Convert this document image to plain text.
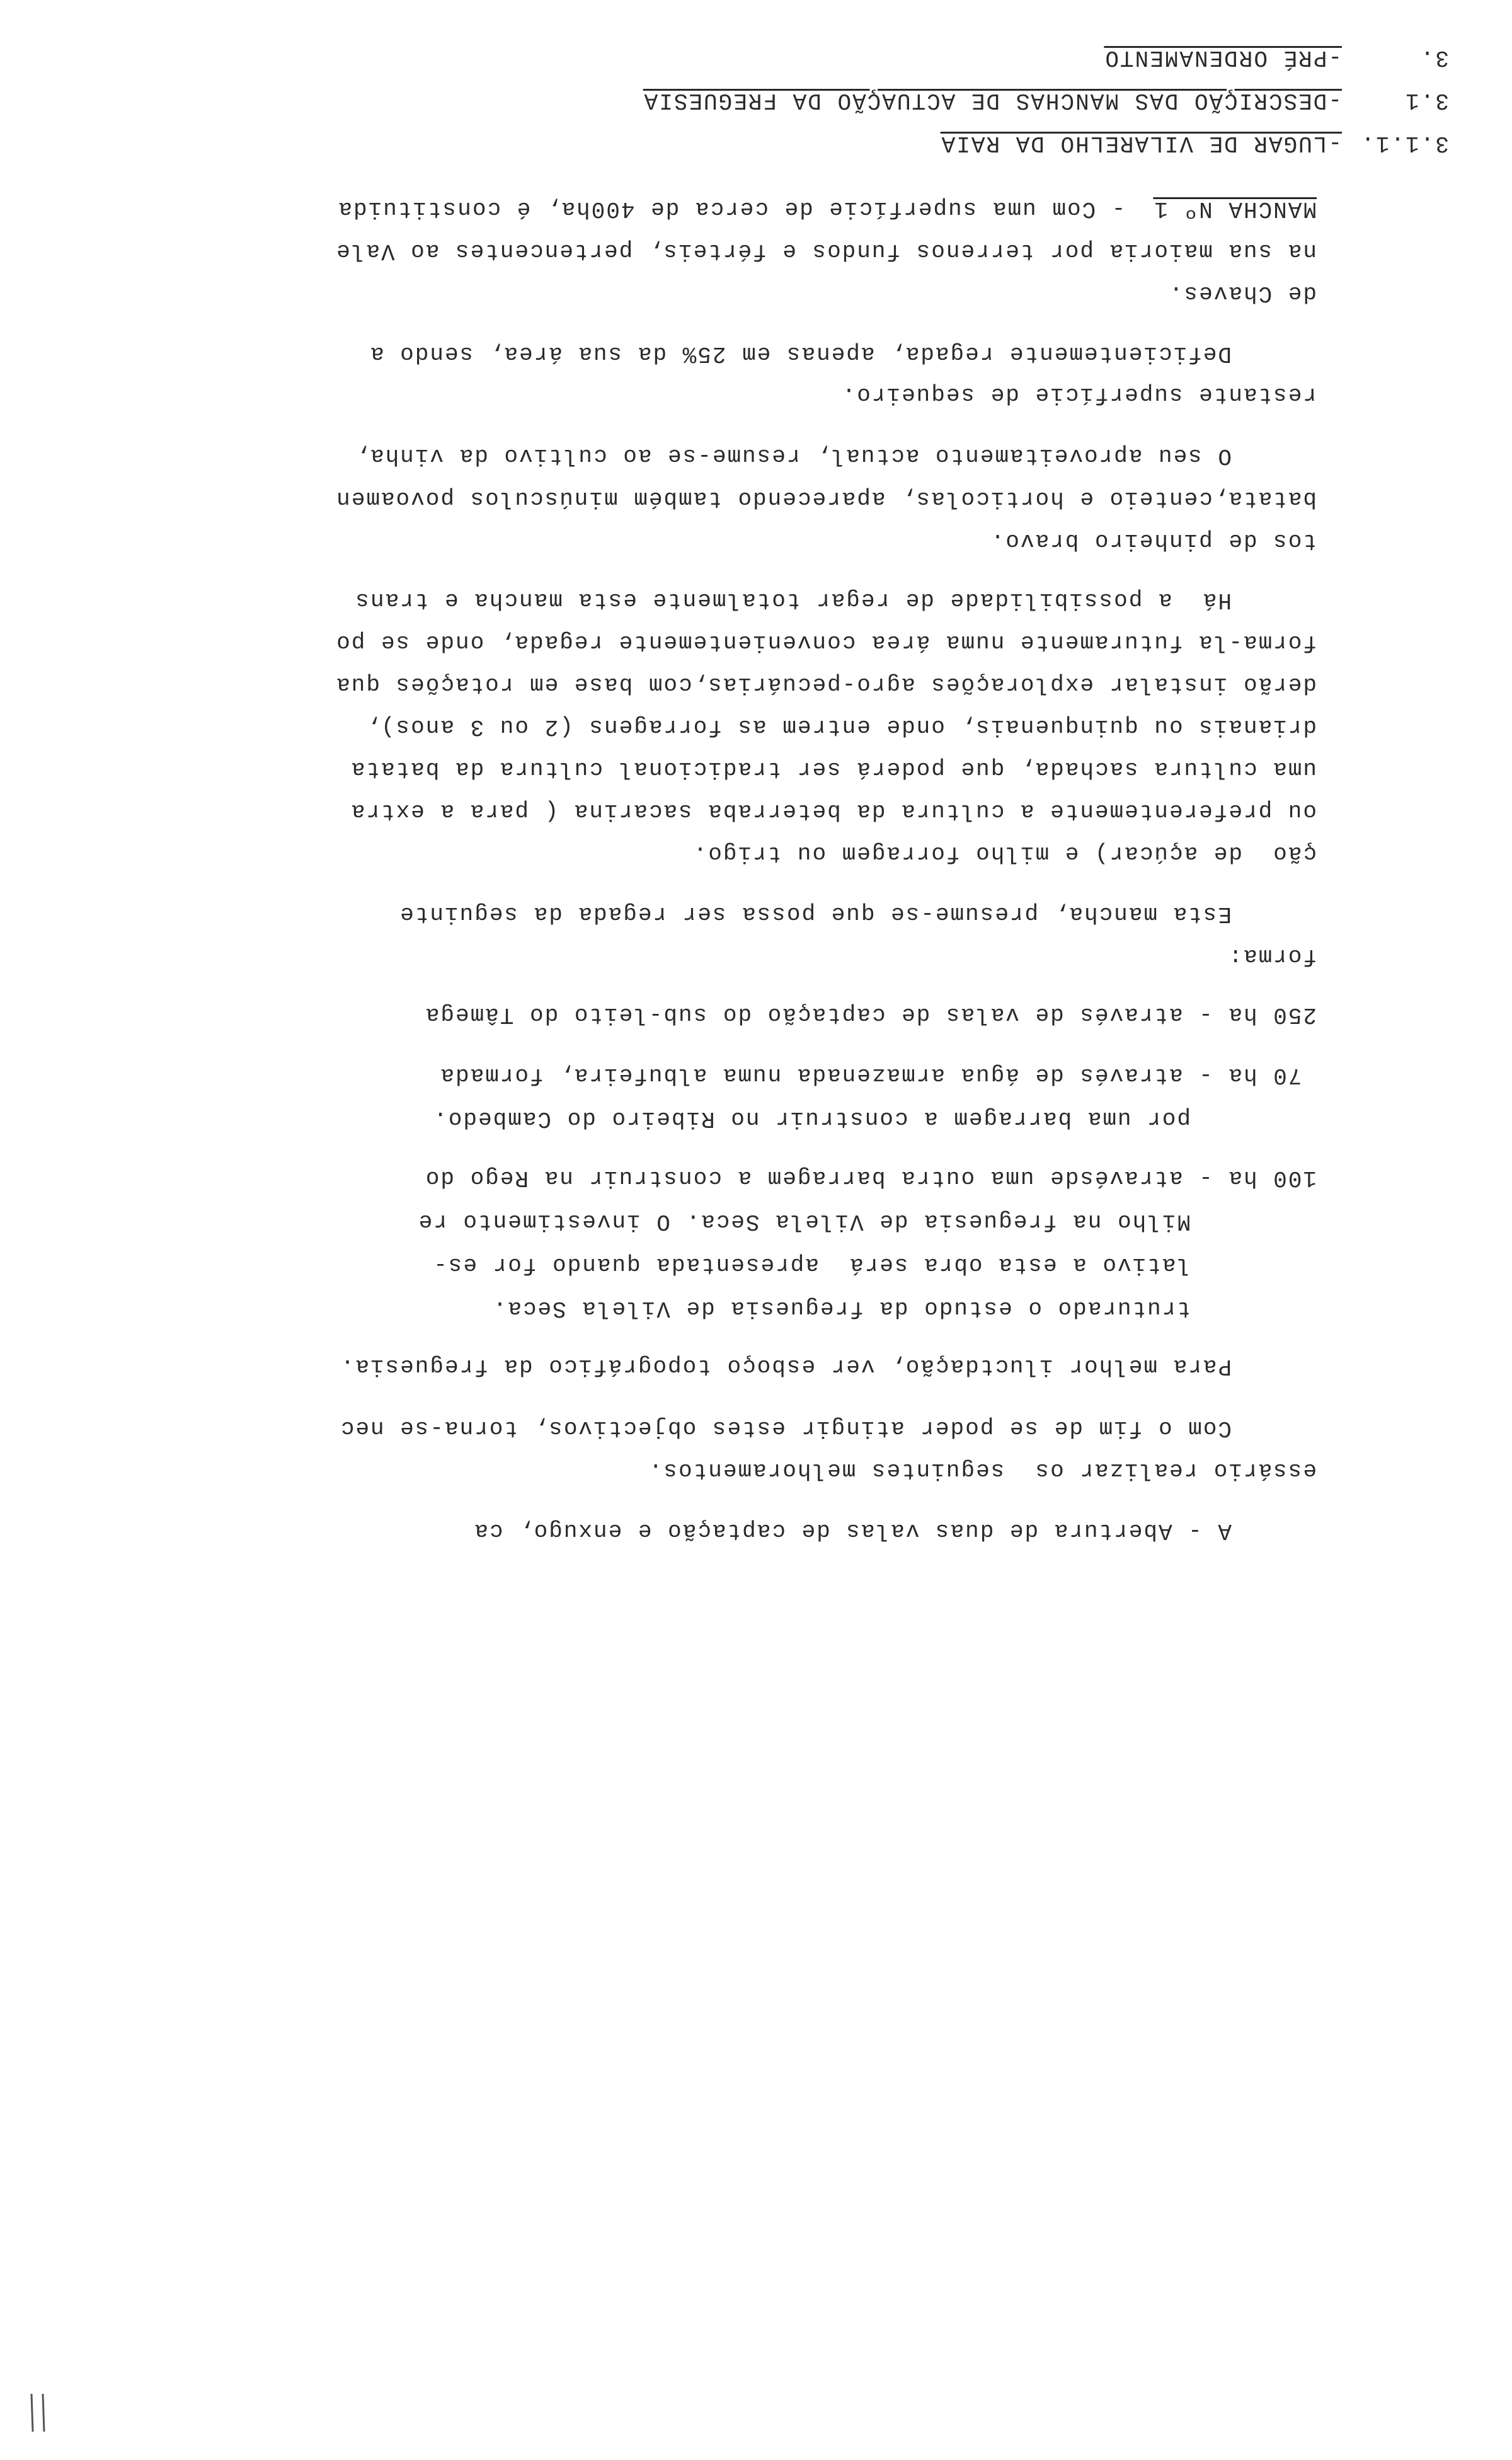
3.
-PRÉ ORDENAMENTO
3.1
-DESCRIÇÃO DAS MANCHAS DE ACTUAÇÃO DA FREGUESIA
3.1.1.
-LUGAR DE VILARELHO DA RAIA
MANCHA Nº 1
- Com uma superfície de cerca de 400ha, é constituida
na sua maioria por terrenos fundos e férteis, pertencentes ao Vale
de Chaves.
Deficientemente regada, apenas em 25% da sua área, sendo a
restante superfície de sequeiro.
O seu aproveitamento actual, resume-se ao cultivo da vinha,
batata,centeio e horticolas, aparecendo também minúsculos povoamen
tos de pinheiro bravo.
Há  a possibilidade de regar totalmente esta mancha e trans
forma-la futuramente numa área convenientemente regada, onde se po
derão instalar explorações agro-pecuárias,com base em rotações qua
drianais ou quinquenais, onde entrem as forragens (2 ou 3 anos),
uma cultura sachada, que poderá ser tradicional cultura da batata
ou preferentemente a cultura da beterraba sacarina ( para a extra
ção  de açúcar) e milho forragem ou trigo.
Esta mancha, presume-se que possa ser regada da seguinte
forma:
250 ha - através de valas de captação do sub-leito do Tâmega
70 ha - através de água armazenada numa albufeira, formada
por uma barragem a construir no Ribeiro do Cambedo.
100 ha - atravésde uma outra barragem a construir na Rego do
Milho na freguesia de Vilela Seca. O investimento re
lativo a esta obra será  apresentada quando for es-
truturado o estudo da freguesia de Vilela Seca.
Para melhor iluctdação, ver esboço topográfico da freguesia.
Com o fim de se poder atingir estes objectivos, torna-se nec
essário realizar os  seguintes melhoramentos.
A - Abertura de duas valas de captação e enxugo, ca
